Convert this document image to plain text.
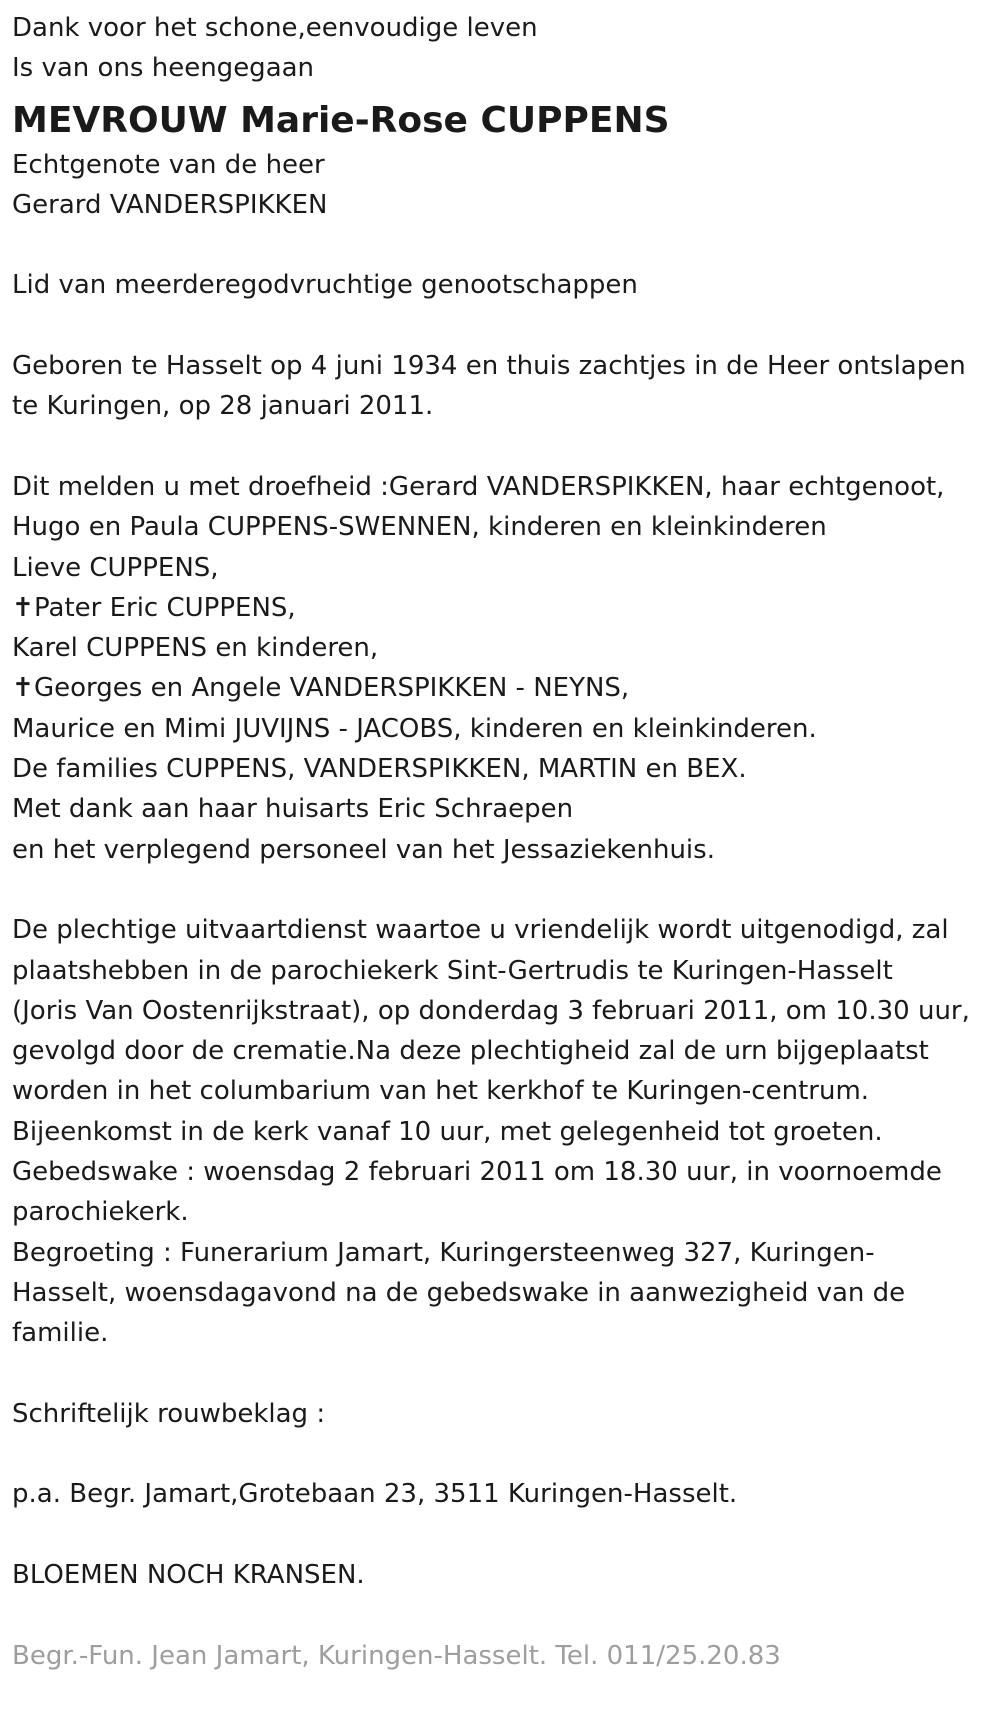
Dank voor het schone,eenvoudige leven
Is van ons heengegaan
MEVROUW Marie-Rose CUPPENS
Echtgenote van de heer
Gerard VANDERSPIKKEN
Lid van meerderegodvruchtige genootschappen
Geboren te Hasselt op 4 juni 1934 en thuis zachtjes in de Heer ontslapen
te Kuringen, op 28 januari 2011.
Dit melden u met droefheid :Gerard VANDERSPIKKEN, haar echtgenoot,
Hugo en Paula CUPPENS-SWENNEN, kinderen en kleinkinderen
Lieve CUPPENS,
✝Pater Eric CUPPENS,
Karel CUPPENS en kinderen,
✝Georges en Angele VANDERSPIKKEN - NEYNS,
Maurice en Mimi JUVIJNS - JACOBS, kinderen en kleinkinderen.
De families CUPPENS, VANDERSPIKKEN, MARTIN en BEX.
Met dank aan haar huisarts Eric Schraepen
en het verplegend personeel van het Jessaziekenhuis.
De plechtige uitvaartdienst waartoe u vriendelijk wordt uitgenodigd, zal
plaatshebben in de parochiekerk Sint-Gertrudis te Kuringen-Hasselt
(Joris Van Oostenrijkstraat), op donderdag 3 februari 2011, om 10.30 uur,
gevolgd door de crematie.Na deze plechtigheid zal de urn bijgeplaatst
worden in het columbarium van het kerkhof te Kuringen-centrum.
Bijeenkomst in de kerk vanaf 10 uur, met gelegenheid tot groeten.
Gebedswake : woensdag 2 februari 2011 om 18.30 uur, in voornoemde
parochiekerk.
Begroeting : Funerarium Jamart, Kuringersteenweg 327, Kuringen-
Hasselt, woensdagavond na de gebedswake in aanwezigheid van de
familie.
Schriftelijk rouwbeklag :
p.a. Begr. Jamart,Grotebaan 23, 3511 Kuringen-Hasselt.
BLOEMEN NOCH KRANSEN.
Begr.-Fun. Jean Jamart, Kuringen-Hasselt. Tel. 011/25.20.83
